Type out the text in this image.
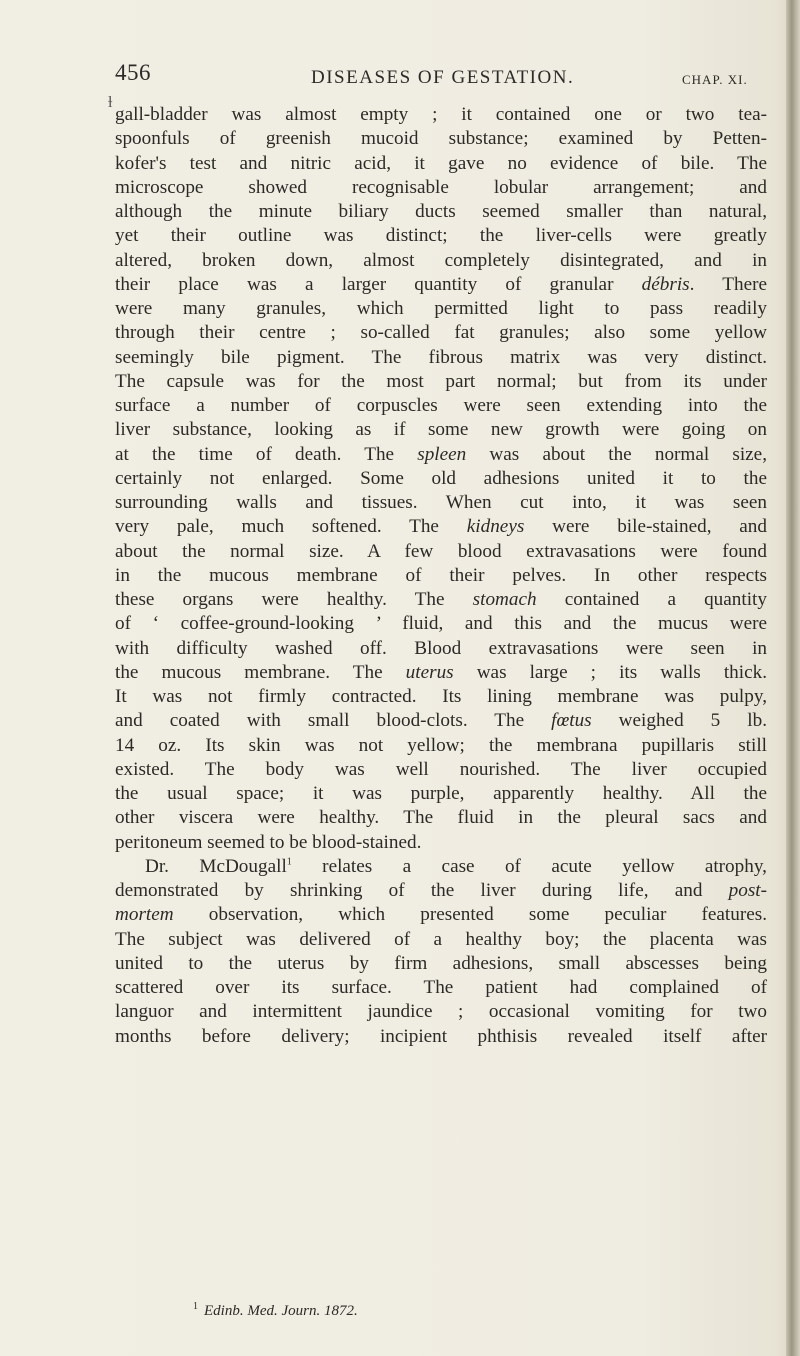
ɫ
456	DISEASES OF GESTATION.	CHAP. XI.
gall-bladder was almost empty ; it contained one or two tea-
spoonfuls of greenish mucoid substance; examined by Petten-
kofer's test and nitric acid, it gave no evidence of bile. The
microscope showed recognisable lobular arrangement; and
although the minute biliary ducts seemed smaller than natural,
yet their outline was distinct; the liver-cells were greatly
altered, broken down, almost completely disintegrated, and in
their place was a larger quantity of granular débris. There
were many granules, which permitted light to pass readily
through their centre ; so-called fat granules; also some yellow
seemingly bile pigment. The fibrous matrix was very distinct.
The capsule was for the most part normal; but from its under
surface a number of corpuscles were seen extending into the
liver substance, looking as if some new growth were going on
at the time of death. The spleen was about the normal size,
certainly not enlarged. Some old adhesions united it to the
surrounding walls and tissues. When cut into, it was seen
very pale, much softened. The kidneys were bile-stained, and
about the normal size. A few blood extravasations were found
in the mucous membrane of their pelves. In other respects
these organs were healthy. The stomach contained a quantity
of ‘ coffee-ground-looking ’ fluid, and this and the mucus were
with difficulty washed off. Blood extravasations were seen in
the mucous membrane. The uterus was large ; its walls thick.
It was not firmly contracted. Its lining membrane was pulpy,
and coated with small blood-clots. The fœtus weighed 5 lb.
14 oz. Its skin was not yellow; the membrana pupillaris still
existed. The body was well nourished. The liver occupied
the usual space; it was purple, apparently healthy. All the
other viscera were healthy. The fluid in the pleural sacs and
peritoneum seemed to be blood-stained.
Dr. McDougall$^1$ relates a case of acute yellow atrophy,
demonstrated by shrinking of the liver during life, and post-
mortem observation, which presented some peculiar features.
The subject was delivered of a healthy boy; the placenta was
united to the uterus by firm adhesions, small abscesses being
scattered over its surface. The patient had complained of
languor and intermittent jaundice ; occasional vomiting for two
months before delivery; incipient phthisis revealed itself after
$^1$ Edinb. Med. Journ. 1872.
